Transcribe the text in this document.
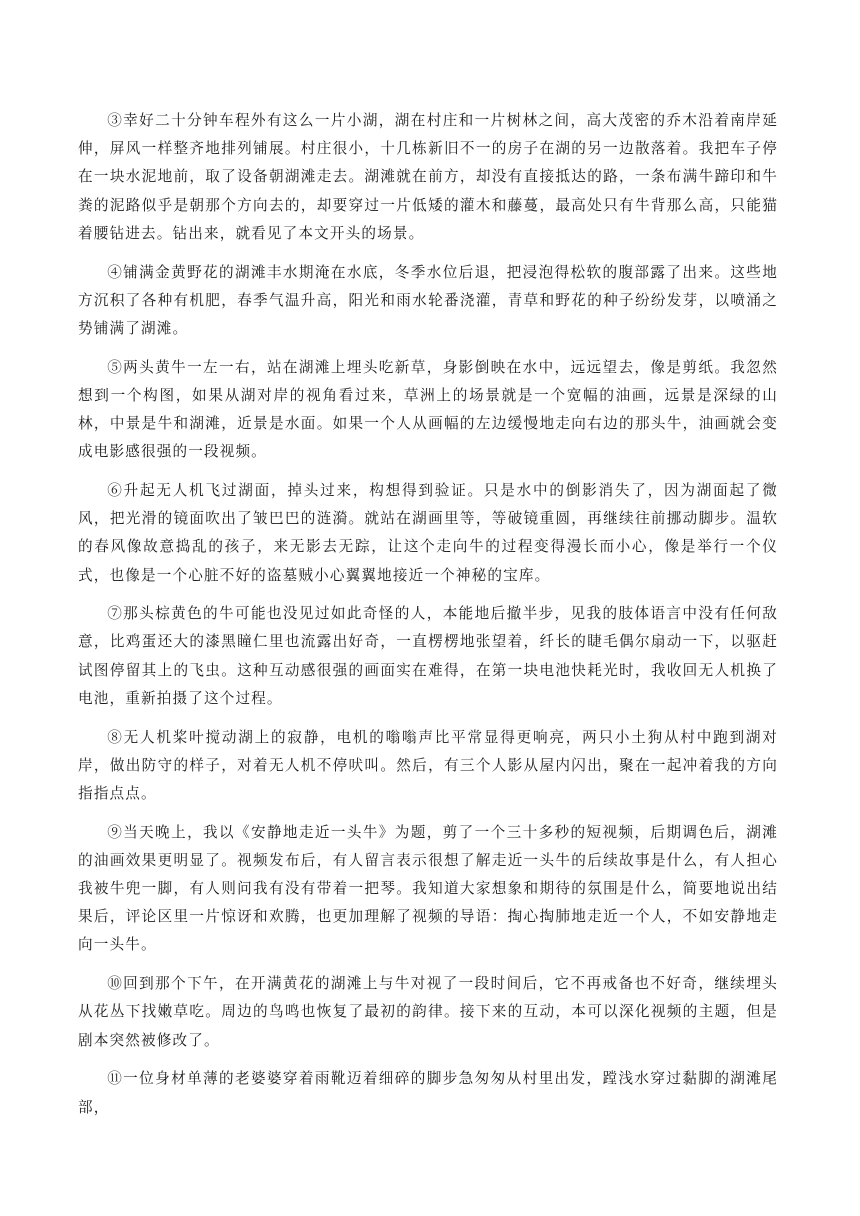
③幸好二十分钟车程外有这么一片小湖，湖在村庄和一片树林之间，高大茂密的乔木沿着南岸延伸，屏风一样整齐地排列铺展。村庄很小，十几栋新旧不一的房子在湖的另一边散落着。我把车子停在一块水泥地前，取了设备朝湖滩走去。湖滩就在前方，却没有直接抵达的路，一条布满牛蹄印和牛粪的泥路似乎是朝那个方向去的，却要穿过一片低矮的灌木和藤蔓，最高处只有牛背那么高，只能猫着腰钻进去。钻出来，就看见了本文开头的场景。

④铺满金黄野花的湖滩丰水期淹在水底，冬季水位后退，把浸泡得松软的腹部露了出来。这些地方沉积了各种有机肥，春季气温升高，阳光和雨水轮番浇灌，青草和野花的种子纷纷发芽，以喷涌之势铺满了湖滩。

⑤两头黄牛一左一右，站在湖滩上埋头吃新草，身影倒映在水中，远远望去，像是剪纸。我忽然想到一个构图，如果从湖对岸的视角看过来，草洲上的场景就是一个宽幅的油画，远景是深绿的山林，中景是牛和湖滩，近景是水面。如果一个人从画幅的左边缓慢地走向右边的那头牛，油画就会变成电影感很强的一段视频。

⑥升起无人机飞过湖面，掉头过来，构想得到验证。只是水中的倒影消失了，因为湖面起了微风，把光滑的镜面吹出了皱巴巴的涟漪。就站在湖画里等，等破镜重圆，再继续往前挪动脚步。温软的春风像故意捣乱的孩子，来无影去无踪，让这个走向牛的过程变得漫长而小心，像是举行一个仪式，也像是一个心脏不好的盗墓贼小心翼翼地接近一个神秘的宝库。

⑦那头棕黄色的牛可能也没见过如此奇怪的人，本能地后撤半步，见我的肢体语言中没有任何敌意，比鸡蛋还大的漆黑瞳仁里也流露出好奇，一直楞楞地张望着，纤长的睫毛偶尔扇动一下，以驱赶试图停留其上的飞虫。这种互动感很强的画面实在难得，在第一块电池快耗光时，我收回无人机换了电池，重新拍摄了这个过程。

⑧无人机桨叶搅动湖上的寂静，电机的嗡嗡声比平常显得更响亮，两只小土狗从村中跑到湖对岸，做出防守的样子，对着无人机不停吠叫。然后，有三个人影从屋内闪出，聚在一起冲着我的方向指指点点。

⑨当天晚上，我以《安静地走近一头牛》为题，剪了一个三十多秒的短视频，后期调色后，湖滩的油画效果更明显了。视频发布后，有人留言表示很想了解走近一头牛的后续故事是什么，有人担心我被牛兜一脚，有人则问我有没有带着一把琴。我知道大家想象和期待的氛围是什么，简要地说出结果后，评论区里一片惊讶和欢腾，也更加理解了视频的导语：掏心掏肺地走近一个人，不如安静地走向一头牛。

⑩回到那个下午，在开满黄花的湖滩上与牛对视了一段时间后，它不再戒备也不好奇，继续埋头从花丛下找嫩草吃。周边的鸟鸣也恢复了最初的韵律。接下来的互动，本可以深化视频的主题，但是剧本突然被修改了。

⑪一位身材单薄的老婆婆穿着雨靴迈着细碎的脚步急匆匆从村里出发，蹚浅水穿过黏脚的湖滩尾部，
